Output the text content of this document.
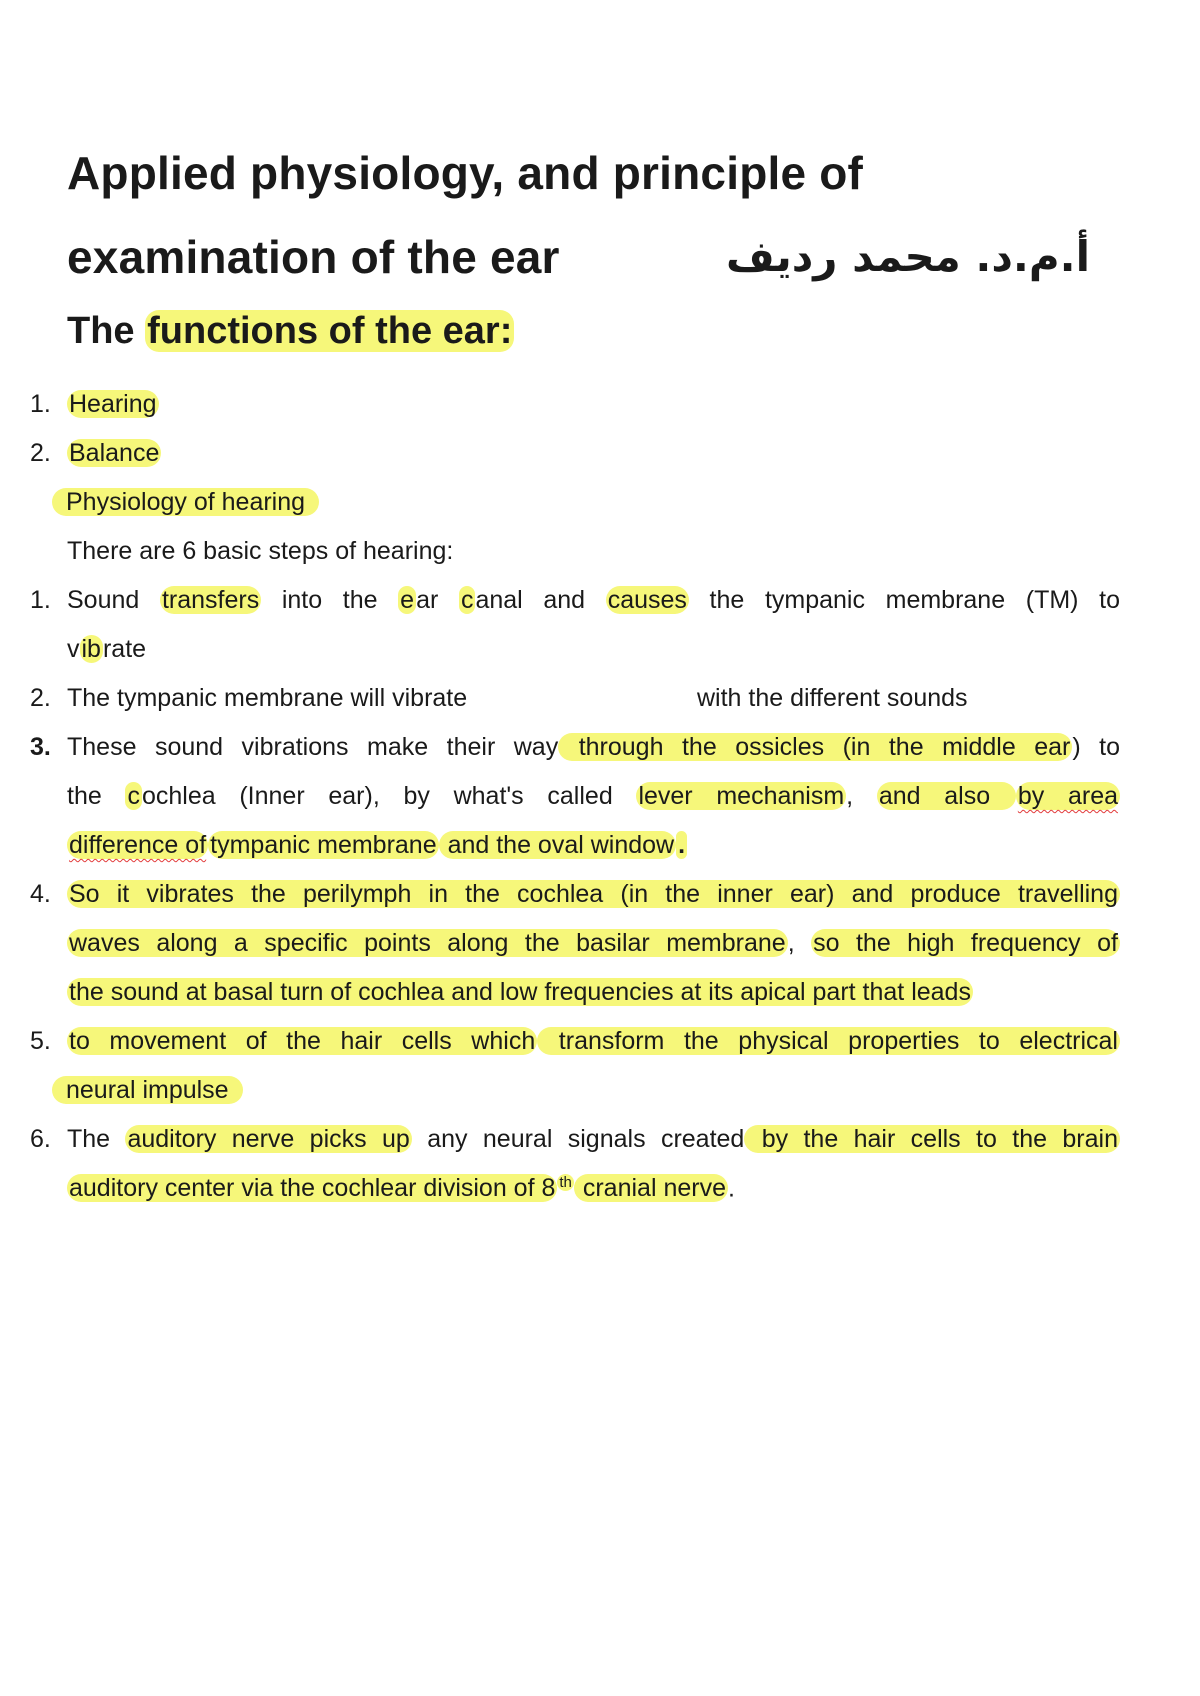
Applied physiology, and principle of
examination of the ear	أ.م.د. محمد رديف
The functions of the ear:
1. Hearing
2. Balance
Physiology of hearing
There are 6 basic steps of hearing:
1. Sound transfers into the ear canal and causes the tympanic membrane (TM) to
vibrate
2. The tympanic membrane will vibrate	with the different sounds
3. These sound vibrations make their way through the ossicles (in the middle ear) to
the cochlea (Inner ear), by what's called lever mechanism, and also by area
difference of tympanic membrane and the oval window .
4. So it vibrates the perilymph in the cochlea (in the inner ear) and produce travelling
waves along a specific points along the basilar membrane, so the high frequency of
the sound at basal turn of cochlea and low frequencies at its apical part that leads
5. to movement of the hair cells which transform the physical properties to electrical
neural impulse
6. The auditory nerve picks up any neural signals created by the hair cells to the brain
auditory center via the cochlear division of 8 $^{th}$ cranial nerve.
